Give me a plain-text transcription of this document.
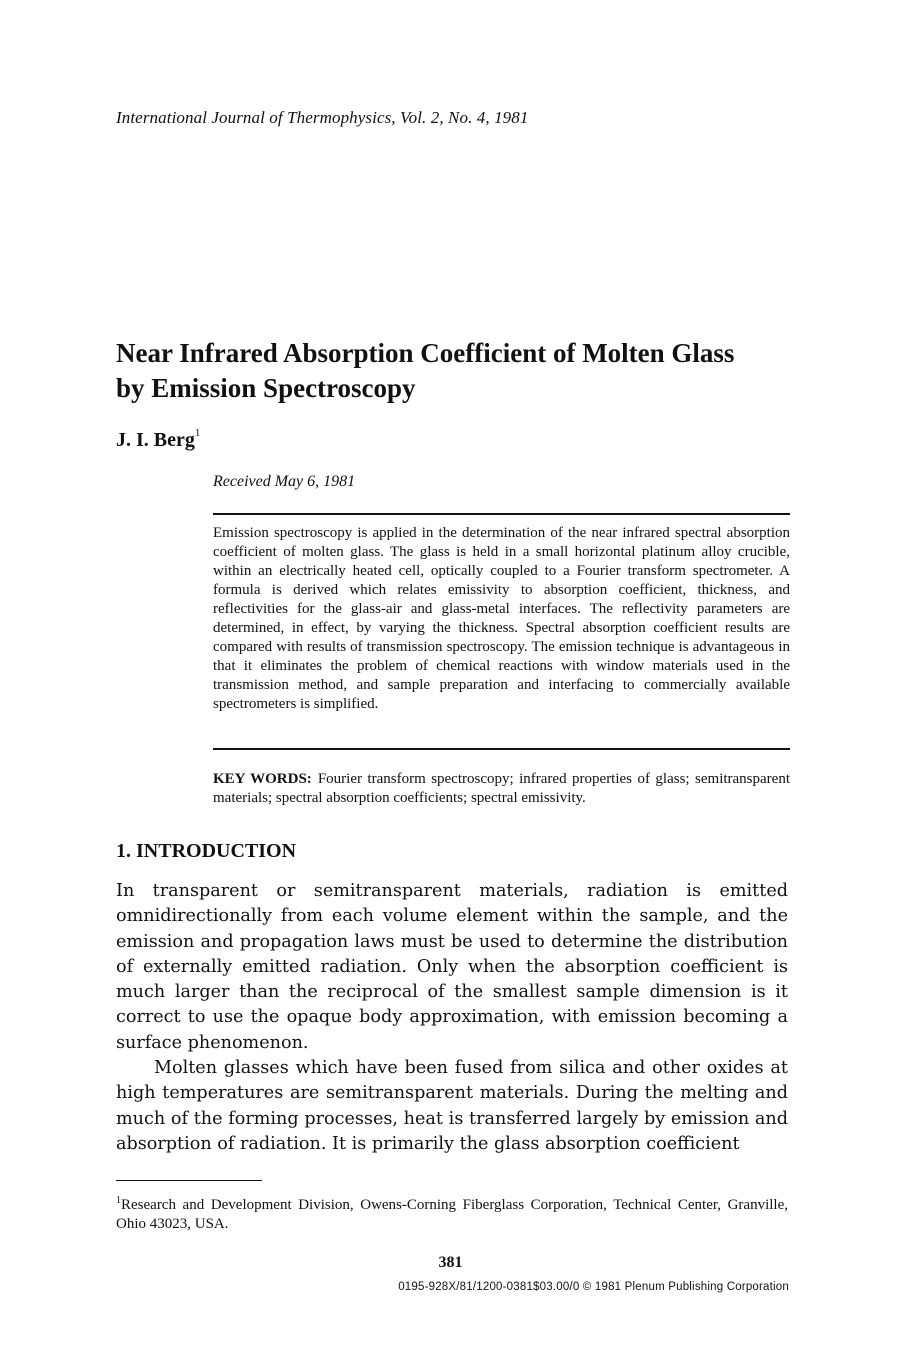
International Journal of Thermophysics, Vol. 2, No. 4, 1981
Near Infrared Absorption Coefficient of Molten Glass
by Emission Spectroscopy
J. I. Berg$^1$
Received May 6, 1981

Emission spectroscopy is applied in the determination of the near infrared spectral absorption coefficient of molten glass. The glass is held in a small horizontal platinum alloy crucible, within an electrically heated cell, optically coupled to a Fourier transform spectrometer. A formula is derived which relates emissivity to absorption coefficient, thickness, and reflectivities for the glass-air and glass-metal interfaces. The reflectivity parameters are determined, in effect, by varying the thickness. Spectral absorption coefficient results are compared with results of transmission spectroscopy. The emission technique is advantageous in that it eliminates the problem of chemical reactions with window materials used in the transmission method, and sample preparation and interfacing to commercially available spectrometers is simplified.

KEY WORDS: Fourier transform spectroscopy; infrared properties of glass; semitransparent materials; spectral absorption coefficients; spectral emissivity.

1. INTRODUCTION

In transparent or semitransparent materials, radiation is emitted omnidirectionally from each volume element within the sample, and the emission and propagation laws must be used to determine the distribution of externally emitted radiation. Only when the absorption coefficient is much larger than the reciprocal of the smallest sample dimension is it correct to use the opaque body approximation, with emission becoming a surface phenomenon.

Molten glasses which have been fused from silica and other oxides at high temperatures are semitransparent materials. During the melting and much of the forming processes, heat is transferred largely by emission and absorption of radiation. It is primarily the glass absorption coefficient

$^1$Research and Development Division, Owens-Corning Fiberglass Corporation, Technical Center, Granville, Ohio 43023, USA.

381
0195-928X/81/1200-0381$03.00/0 © 1981 Plenum Publishing Corporation
